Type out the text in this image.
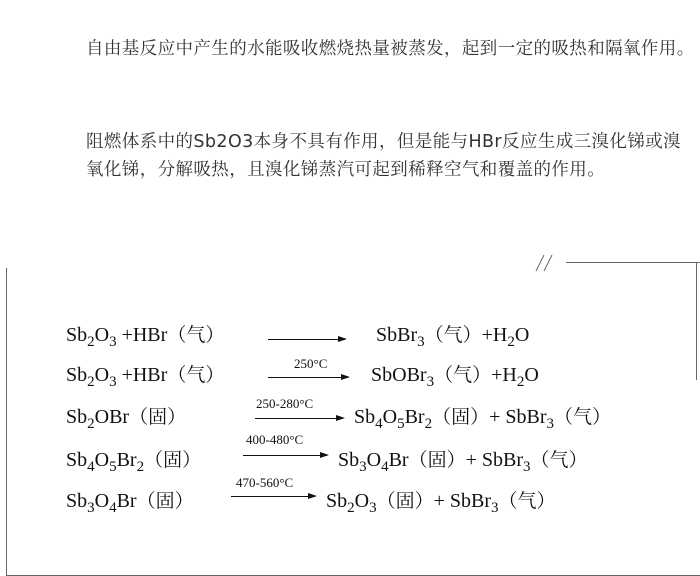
自由基反应中产生的水能吸收燃烧热量被蒸发，起到一定的吸热和隔氧作用。

阻燃体系中的Sb2O3本身不具有作用，但是能与HBr反应生成三溴化锑或溴氧化锑，分解吸热，且溴化锑蒸汽可起到稀释空气和覆盖的作用。

$Sb_2O_3 +HBr$（气）	SbBr$_3$（气）$+H_2O$
$Sb_2O_3 +HBr$（气）
250°C
SbOBr$_3$（气）$+H_2O$
$Sb_2OBr$（固）
250-280°C
$Sb_4O_5Br_2$（固）+ SbBr$_3$（气）
$Sb_4O_5Br_2$（固）
400-480°C
$Sb_3O_4Br$（固）+ SbBr$_3$（气）
$Sb_3O_4Br$（固）
470-560°C
$Sb_2O_3$（固）+ SbBr$_3$（气）
